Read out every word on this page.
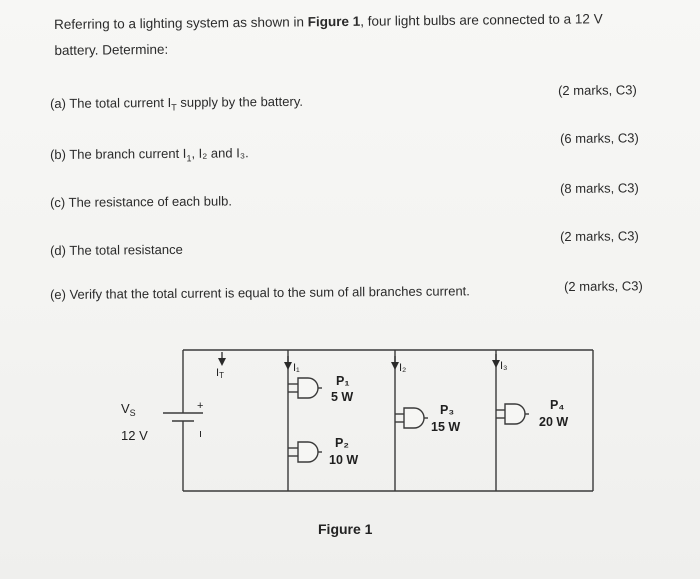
Referring to a lighting system as shown in Figure 1, four light bulbs are connected to a 12 V
battery. Determine:
(a) The total current $I_T$ supply by the battery.
(2 marks, C3)
(b) The branch current $I_1$, I₂ and I₃.
(6 marks, C3)
(c) The resistance of each bulb.
(8 marks, C3)
(d) The total resistance
(2 marks, C3)
(e) Verify that the total current is equal to the sum of all branches current.	(2 marks, C3)
$V_S$
12 V
+
ı
IT
I₁	I₂	I₃
P₁
5 W
P₂
10 W
P₃
15 W
P₄
20 W
Figure 1
